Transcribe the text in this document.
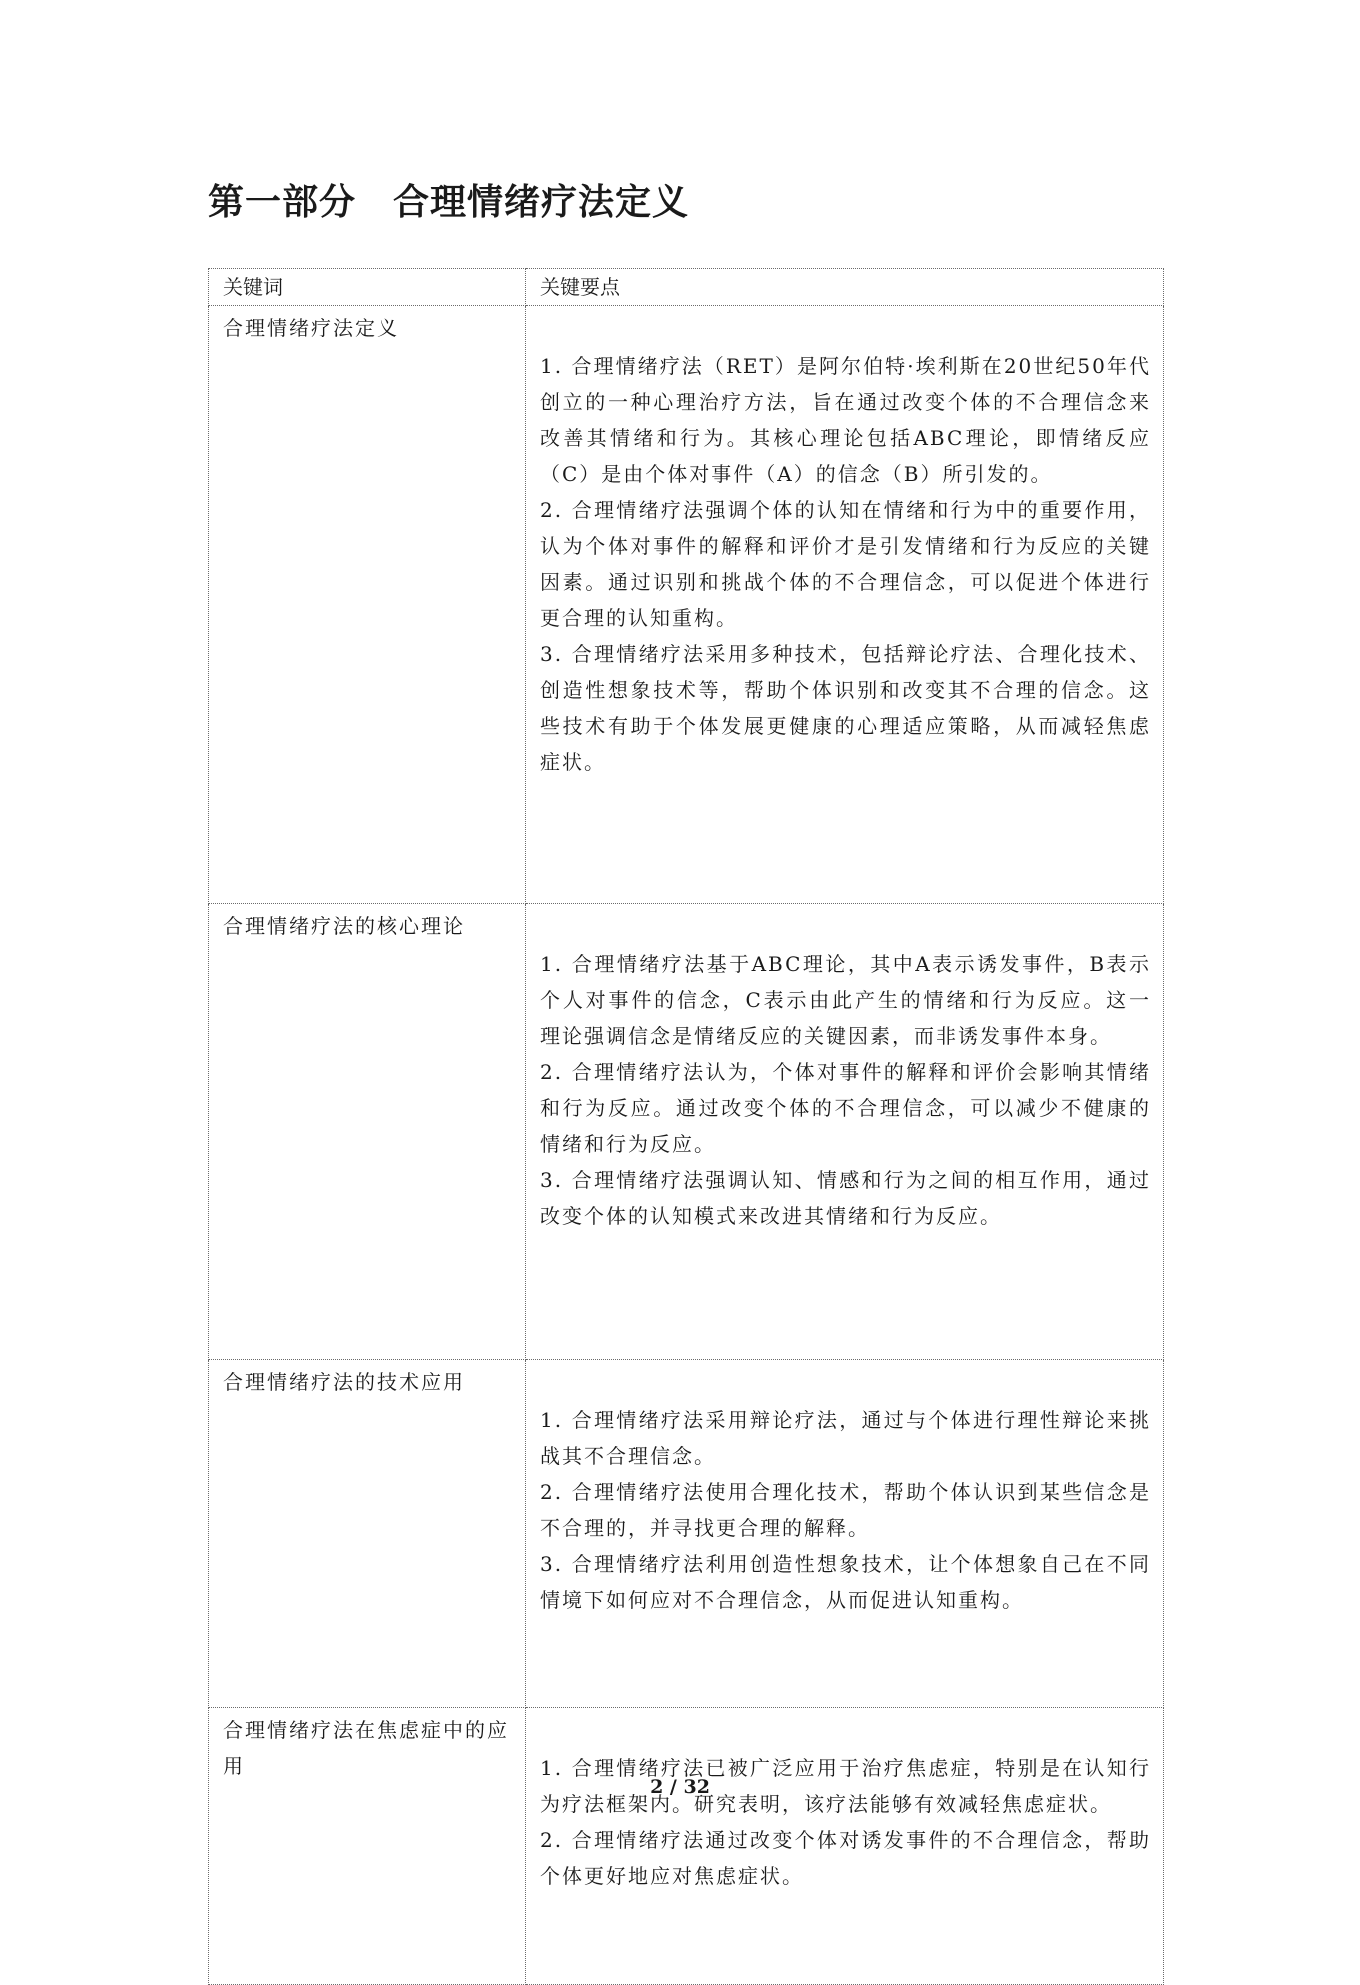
第一部分　合理情绪疗法定义
关键词	关键要点
合理情绪疗法定义	1. 合理情绪疗法（RET）是阿尔伯特·埃利斯在20世纪50年代创立的一种心理治疗方法，旨在通过改变个体的不合理信念来改善其情绪和行为。其核心理论包括ABC理论，即情绪反应（C）是由个体对事件（A）的信念（B）所引发的。

2. 合理情绪疗法强调个体的认知在情绪和行为中的重要作用，认为个体对事件的解释和评价才是引发情绪和行为反应的关键因素。通过识别和挑战个体的不合理信念，可以促进个体进行更合理的认知重构。

3. 合理情绪疗法采用多种技术，包括辩论疗法、合理化技术、创造性想象技术等，帮助个体识别和改变其不合理的信念。这些技术有助于个体发展更健康的心理适应策略，从而减轻焦虑症状。

合理情绪疗法的核心理论	1. 合理情绪疗法基于ABC理论，其中A表示诱发事件，B表示个人对事件的信念，C表示由此产生的情绪和行为反应。这一理论强调信念是情绪反应的关键因素，而非诱发事件本身。

2. 合理情绪疗法认为，个体对事件的解释和评价会影响其情绪和行为反应。通过改变个体的不合理信念，可以减少不健康的情绪和行为反应。

3. 合理情绪疗法强调认知、情感和行为之间的相互作用，通过改变个体的认知模式来改进其情绪和行为反应。

合理情绪疗法的技术应用	1. 合理情绪疗法采用辩论疗法，通过与个体进行理性辩论来挑战其不合理信念。

2. 合理情绪疗法使用合理化技术，帮助个体认识到某些信念是不合理的，并寻找更合理的解释。

3. 合理情绪疗法利用创造性想象技术，让个体想象自己在不同情境下如何应对不合理信念，从而促进认知重构。

合理情绪疗法在焦虑症中的应用	1. 合理情绪疗法已被广泛应用于治疗焦虑症，特别是在认知行为疗法框架内。研究表明，该疗法能够有效减轻焦虑症状。

2. 合理情绪疗法通过改变个体对诱发事件的不合理信念，帮助个体更好地应对焦虑症状。

2 / 32
